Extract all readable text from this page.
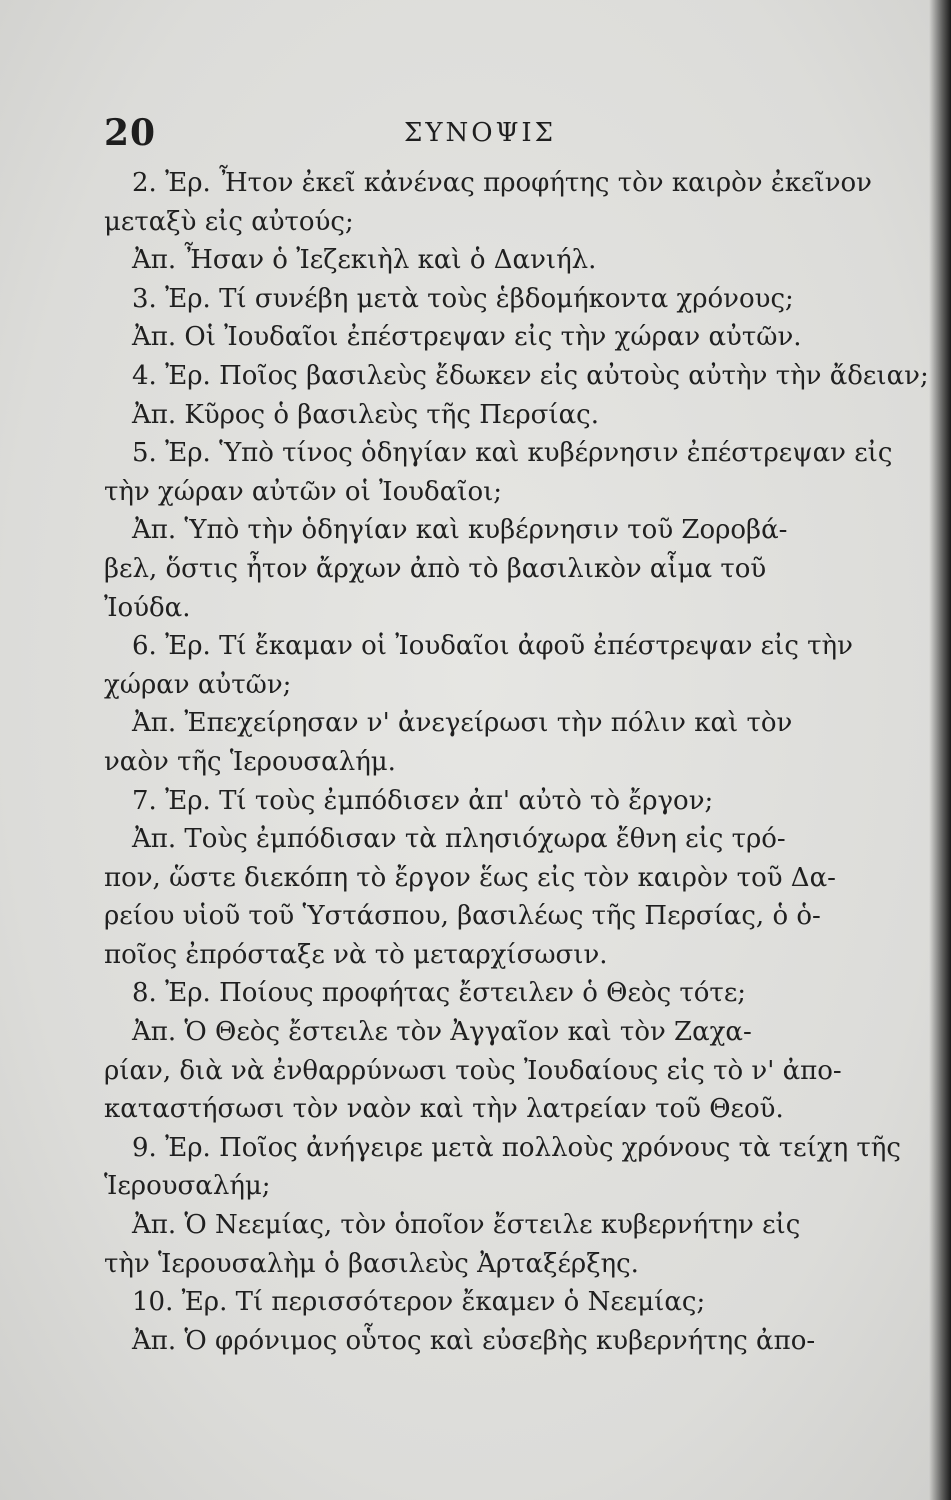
20	ΣΥΝΟΨΙΣ
2. Ἐρ. Ἦτον ἐκεῖ κἀνένας προφήτης τὸν καιρὸν ἐκεῖνον
μεταξὺ εἰς αὐτούς;
Ἀπ. Ἦσαν ὁ Ἰεζεκιὴλ καὶ ὁ Δανιήλ.
3. Ἐρ. Τί συνέβη μετὰ τοὺς ἑβδομήκοντα χρόνους;
Ἀπ. Οἱ Ἰουδαῖοι ἐπέστρεψαν εἰς τὴν χώραν αὐτῶν.
4. Ἐρ. Ποῖος βασιλεὺς ἔδωκεν εἰς αὐτοὺς αὐτὴν τὴν ἄδειαν;
Ἀπ. Κῦρος ὁ βασιλεὺς τῆς Περσίας.
5. Ἐρ. Ὑπὸ τίνος ὁδηγίαν καὶ κυβέρνησιν ἐπέστρεψαν εἰς
τὴν χώραν αὐτῶν οἱ Ἰουδαῖοι;
Ἀπ. Ὑπὸ τὴν ὁδηγίαν καὶ κυβέρνησιν τοῦ Ζοροβά-
βελ, ὅστις ἦτον ἄρχων ἀπὸ τὸ βασιλικὸν αἷμα τοῦ
Ἰούδα.
6. Ἐρ. Τί ἔκαμαν οἱ Ἰουδαῖοι ἀφοῦ ἐπέστρεψαν εἰς τὴν
χώραν αὐτῶν;
Ἀπ. Ἐπεχείρησαν ν' ἀνεγείρωσι τὴν πόλιν καὶ τὸν
ναὸν τῆς Ἱερουσαλήμ.
7. Ἐρ. Τί τοὺς ἐμπόδισεν ἀπ' αὐτὸ τὸ ἔργον;
Ἀπ. Τοὺς ἐμπόδισαν τὰ πλησιόχωρα ἔθνη εἰς τρό-
πον, ὥστε διεκόπη τὸ ἔργον ἕως εἰς τὸν καιρὸν τοῦ Δα-
ρείου υἱοῦ τοῦ Ὑστάσπου, βασιλέως τῆς Περσίας, ὁ ὁ-
ποῖος ἐπρόσταξε νὰ τὸ μεταρχίσωσιν.
8. Ἐρ. Ποίους προφήτας ἔστειλεν ὁ Θεὸς τότε;
Ἀπ. Ὁ Θεὸς ἔστειλε τὸν Ἀγγαῖον καὶ τὸν Ζαχα-
ρίαν, διὰ νὰ ἐνθαρρύνωσι τοὺς Ἰουδαίους εἰς τὸ ν' ἀπο-
καταστήσωσι τὸν ναὸν καὶ τὴν λατρείαν τοῦ Θεοῦ.
9. Ἐρ. Ποῖος ἀνήγειρε μετὰ πολλοὺς χρόνους τὰ τείχη τῆς
Ἱερουσαλήμ;
Ἀπ. Ὁ Νεεμίας, τὸν ὁποῖον ἔστειλε κυβερνήτην εἰς
τὴν Ἱερουσαλὴμ ὁ βασιλεὺς Ἀρταξέρξης.
10. Ἐρ. Τί περισσότερον ἔκαμεν ὁ Νεεμίας;
Ἀπ. Ὁ φρόνιμος οὗτος καὶ εὐσεβὴς κυβερνήτης ἀπο-
